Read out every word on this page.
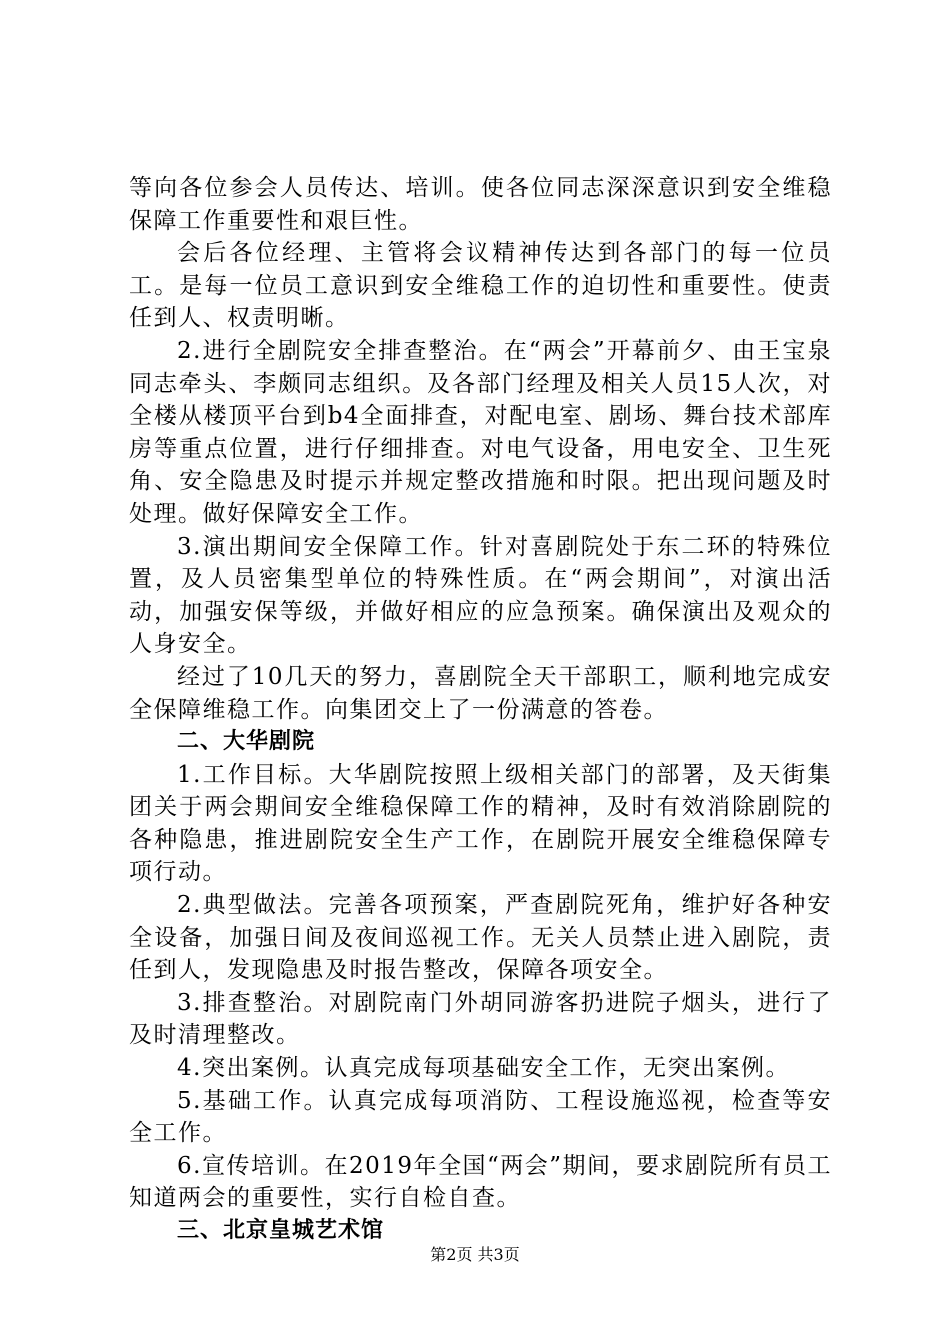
等向各位参会人员传达、培训。使各位同志深深意识到安全维稳保障工作重要性和艰巨性。

会后各位经理、主管将会议精神传达到各部门的每一位员工。是每一位员工意识到安全维稳工作的迫切性和重要性。使责任到人、权责明晰。

2.进行全剧院安全排查整治。在“两会”开幕前夕、由王宝泉同志牵头、李颇同志组织。及各部门经理及相关人员15人次，对全楼从楼顶平台到b4全面排查，对配电室、剧场、舞台技术部库房等重点位置，进行仔细排查。对电气设备，用电安全、卫生死角、安全隐患及时提示并规定整改措施和时限。把出现问题及时处理。做好保障安全工作。

3.演出期间安全保障工作。针对喜剧院处于东二环的特殊位置，及人员密集型单位的特殊性质。在“两会期间”，对演出活动，加强安保等级，并做好相应的应急预案。确保演出及观众的人身安全。

经过了10几天的努力，喜剧院全天干部职工，顺利地完成安全保障维稳工作。向集团交上了一份满意的答卷。

二、大华剧院

1.工作目标。大华剧院按照上级相关部门的部署，及天街集团关于两会期间安全维稳保障工作的精神，及时有效消除剧院的各种隐患，推进剧院安全生产工作，在剧院开展安全维稳保障专项行动。

2.典型做法。完善各项预案，严查剧院死角，维护好各种安全设备，加强日间及夜间巡视工作。无关人员禁止进入剧院，责任到人，发现隐患及时报告整改，保障各项安全。

3.排查整治。对剧院南门外胡同游客扔进院子烟头，进行了及时清理整改。

4.突出案例。认真完成每项基础安全工作，无突出案例。

5.基础工作。认真完成每项消防、工程设施巡视，检查等安全工作。

6.宣传培训。在2019年全国“两会”期间，要求剧院所有员工知道两会的重要性，实行自检自查。

三、北京皇城艺术馆

第2页 共3页
